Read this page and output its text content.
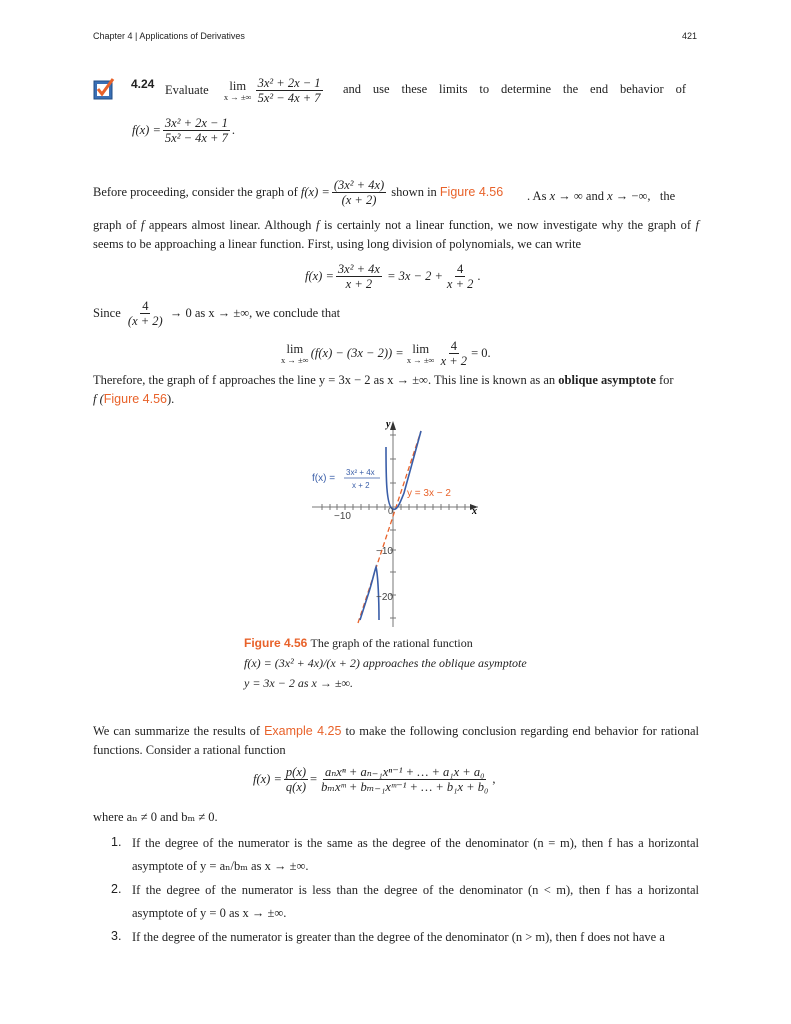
Chapter 4 | Applications of Derivatives	421
4.24 Evaluate lim
x → ±∞ $\frac{\text{3x² + 2x − 1}}{\text{5x² − 4x + 7}}$ and use these limits to determine the end behavior of
$f(x) = \frac{\text{3x² + 2x − 1}}{\text{5x² − 4x + 7}}$ .
Before proceeding, consider the graph of $f(x) = \frac{\text{(3x² + 4x)}}{(x + 2)}$ shown in Figure 4.56 . As x → ∞ and x → −∞,   the
graph of f appears almost linear. Although f is certainly not a linear function, we now investigate why the graph of f seems to be approaching a linear function. First, using long division of polynomials, we can write
$f(x) = \frac{\text{3x² + 4x}}{x + 2} = 3x - 2 + \frac{4}{x + 2}$ .
Since $\frac{4}{(x + 2)} \to 0$ as x → ±∞, we conclude that
lim
x → ±∞
(f(x) − (3x − 2)) = lim
x → ±∞ $\frac{4}{x + 2} = 0$.
Therefore, the graph of f approaches the line y = 3x − 2 as x → ±∞. This line is known as an oblique asymptote for
f (Figure 4.56).
y
x
−10	0
−10
−20
f(x) =
3x² + 4x
x + 2
y = 3x − 2
Figure 4.56 The graph of the rational function
f(x) = (3x² + 4x)/(x + 2) approaches the oblique asymptote
y = 3x − 2 as x → ±∞.
We can summarize the results of Example 4.25 to make the following conclusion regarding end behavior for rational functions. Consider a rational function
$f(x) = \frac{p(x)}{q(x)} = \frac{\text{aₙxⁿ + aₙ₋₁xⁿ⁻¹ + … + a₁x + a₀}}{\text{bₘxᵐ + bₘ₋₁xᵐ⁻¹ + … + b₁x + b₀}}$ ,
where aₙ ≠ 0 and bₘ ≠ 0.
1. If the degree of the numerator is the same as the degree of the denominator (n = m), then f has a horizontal asymptote of y = aₙ/bₘ as x → ±∞.
2. If the degree of the numerator is less than the degree of the denominator (n < m), then f has a horizontal asymptote of y = 0 as x → ±∞.
3. If the degree of the numerator is greater than the degree of the denominator (n > m), then f does not have a
